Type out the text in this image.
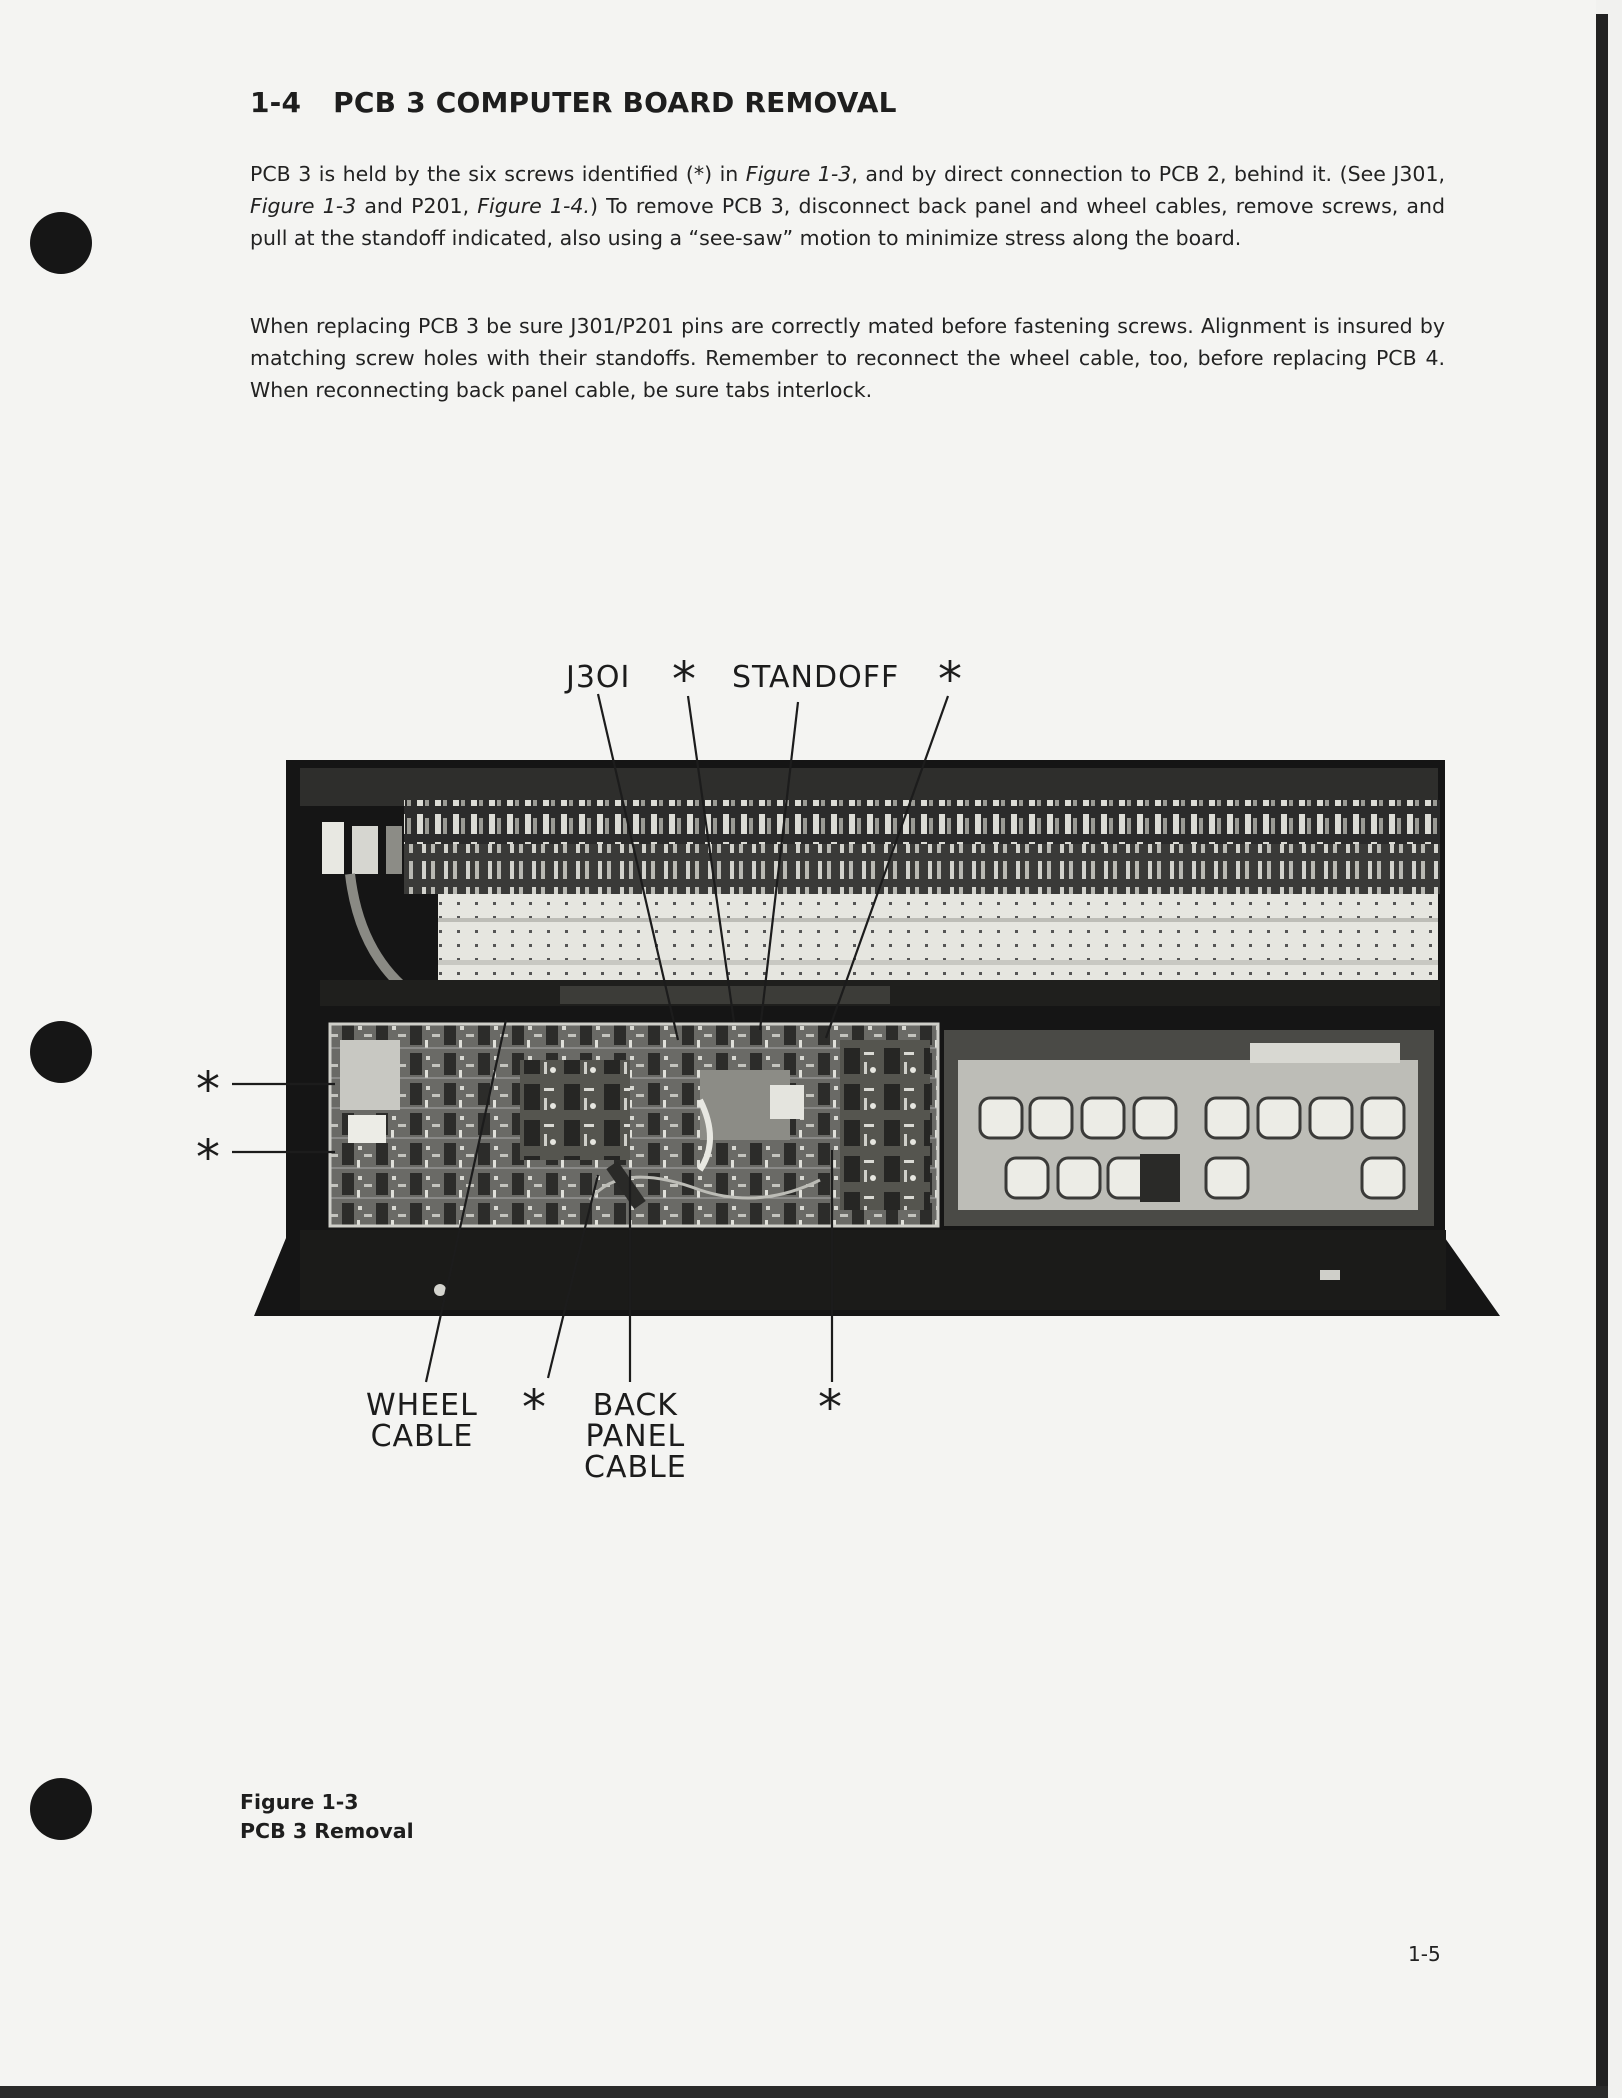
1-4 PCB 3 COMPUTER BOARD REMOVAL

PCB 3 is held by the six screws identified (*) in Figure 1-3, and by direct connection to PCB 2, behind it. (See J301, Figure 1-3 and P201, Figure 1-4.) To remove PCB 3, disconnect back panel and wheel cables, remove screws, and pull at the standoff indicated, also using a “see-saw” motion to minimize stress along the board.

When replacing PCB 3 be sure J301/P201 pins are correctly mated before fastening screws. Alignment is insured by matching screw holes with their standoffs. Remember to reconnect the wheel cable, too, before replacing PCB 4. When reconnecting back panel cable, be sure tabs interlock.

J3OI * STANDOFF *
*
*
WHEEL
CABLE
* BACK
PANEL
CABLE
*
Figure 1-3
PCB 3 Removal
1-5
